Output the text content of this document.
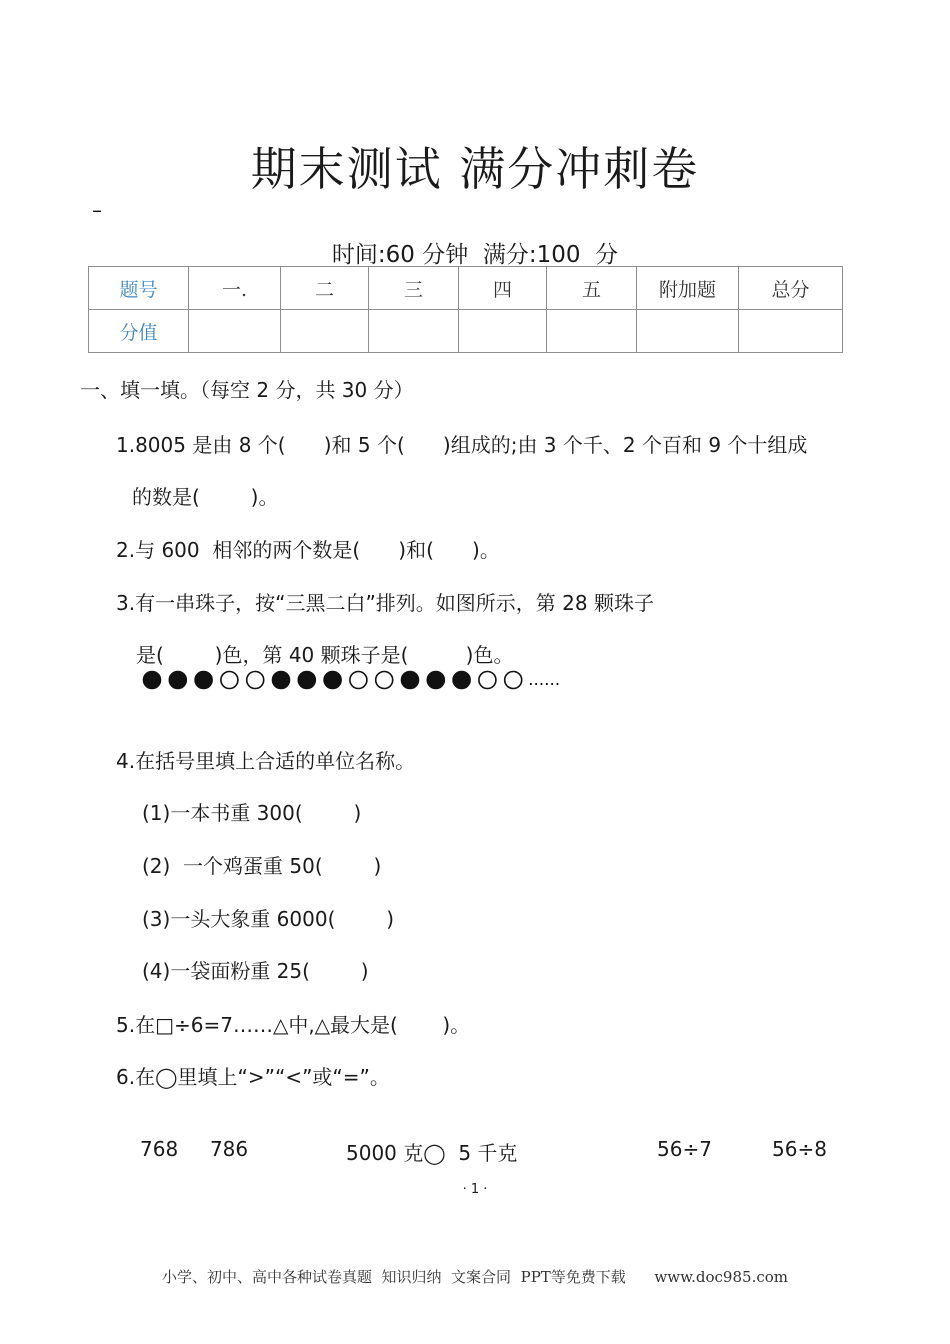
期末测试 满分冲刺卷
–
时间:60 分钟  满分:100  分
题号	一.	二	三	四	五	附加题	总分
分值							
一、填一填。（每空 2 分，共 30 分）
1.8005 是由 8 个(      )和 5 个(      )组成的;由 3 个千、2 个百和 9 个十组成
的数是(        )。
2.与 600  相邻的两个数是(      )和(      )。
3.有一串珠子，按“三黑二白”排列。如图所示，第 28 颗珠子
是(        )色，第 40 颗珠子是(         )色。
……
4.在括号里填上合适的单位名称。
(1)一本书重 300(        )
(2)  一个鸡蛋重 50(        )
(3)一头大象重 6000(        )
(4)一袋面粉重 25(        )
5.在□÷6=7……△中,△最大是(       )。
6.在◯里填上“>”“<”或“=”。
768     786	5000 克◯  5 千克	56÷7	56÷8
· 1 ·
小学、初中、高中各种试卷真题  知识归纳  文案合同  PPT等免费下载      www.doc985.com
